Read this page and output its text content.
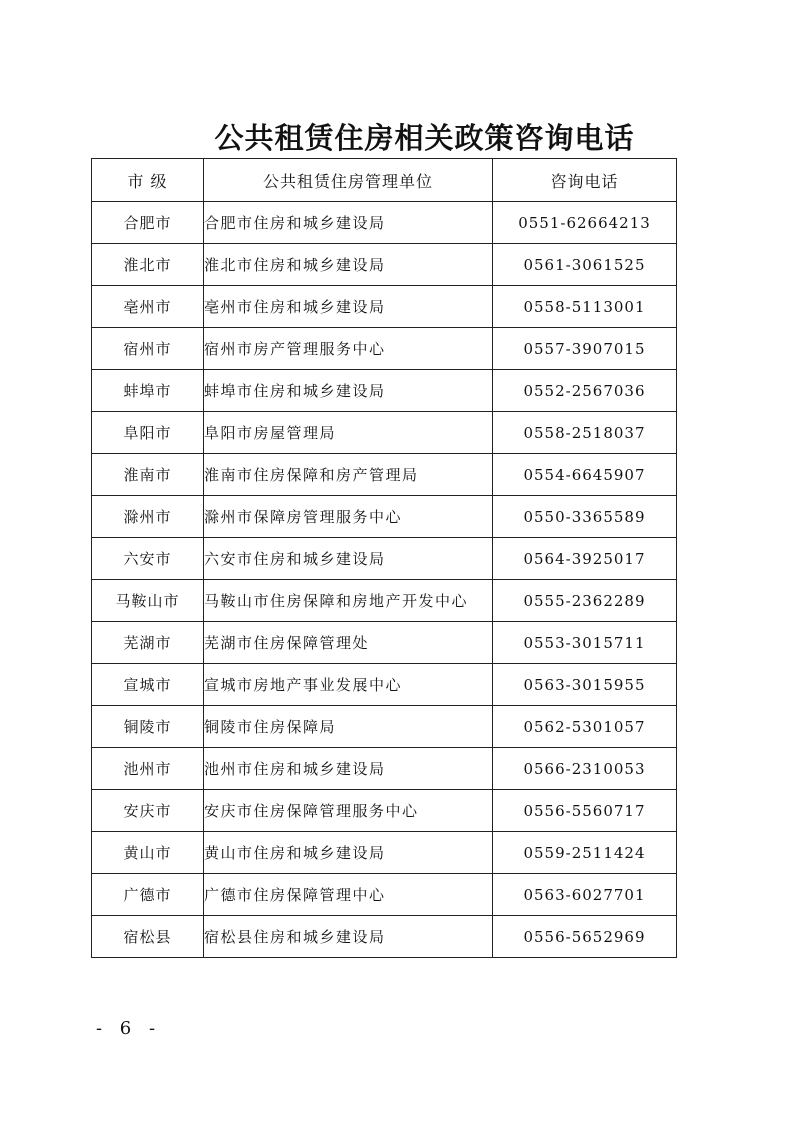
公共租赁住房相关政策咨询电话
市 级	公共租赁住房管理单位	咨询电话
合肥市	合肥市住房和城乡建设局	0551-62664213
淮北市	淮北市住房和城乡建设局	0561-3061525
亳州市	亳州市住房和城乡建设局	0558-5113001
宿州市	宿州市房产管理服务中心	0557-3907015
蚌埠市	蚌埠市住房和城乡建设局	0552-2567036
阜阳市	阜阳市房屋管理局	0558-2518037
淮南市	淮南市住房保障和房产管理局	0554-6645907
滁州市	滁州市保障房管理服务中心	0550-3365589
六安市	六安市住房和城乡建设局	0564-3925017
马鞍山市	马鞍山市住房保障和房地产开发中心	0555-2362289
芜湖市	芜湖市住房保障管理处	0553-3015711
宣城市	宣城市房地产事业发展中心	0563-3015955
铜陵市	铜陵市住房保障局	0562-5301057
池州市	池州市住房和城乡建设局	0566-2310053
安庆市	安庆市住房保障管理服务中心	0556-5560717
黄山市	黄山市住房和城乡建设局	0559-2511424
广德市	广德市住房保障管理中心	0563-6027701
宿松县	宿松县住房和城乡建设局	0556-5652969
- 6 -
